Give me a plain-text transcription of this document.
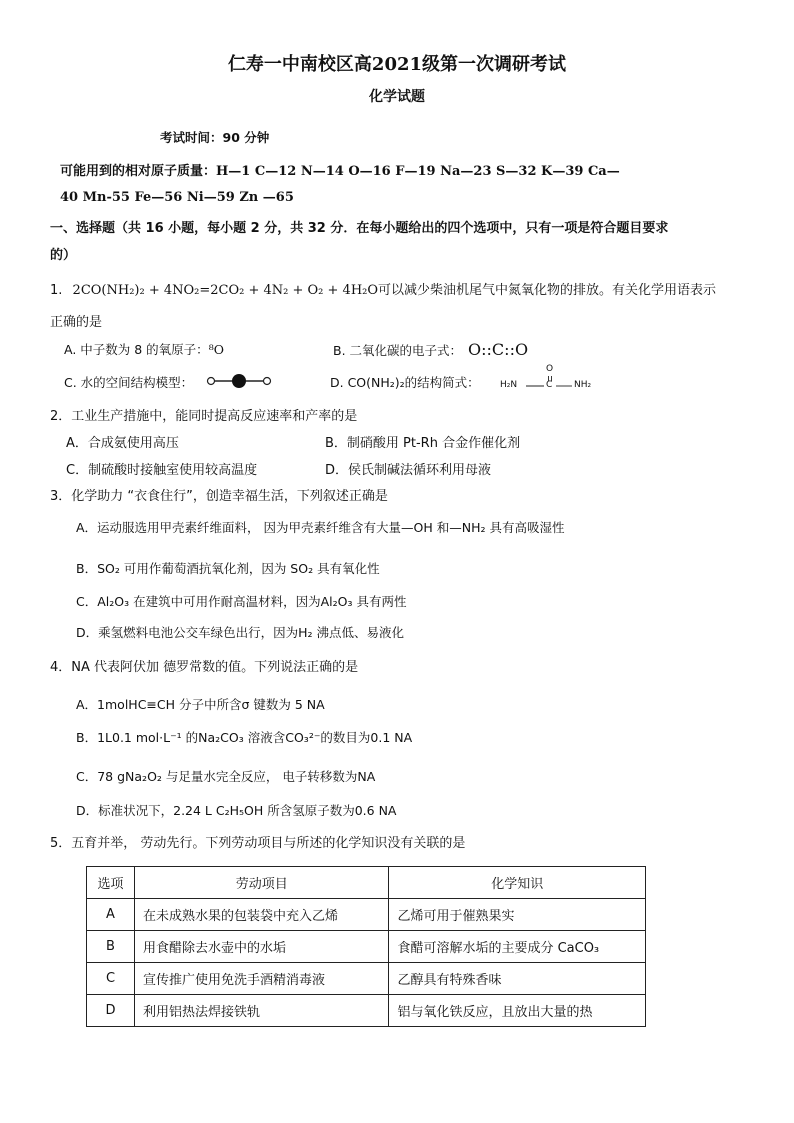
仁寿一中南校区高2021级第一次调研考试
化学试题
考试时间：90 分钟
可能用到的相对原子质量：H—1 C—12 N—14 O—16 F—19 Na—23 S—32 K—39 Ca—
40 Mn-55 Fe—56 Ni—59 Zn —65
一、选择题（共 16 小题，每小题 2 分，共 32 分．在每小题给出的四个选项中，只有一项是符合题目要求
的）
1. 2CO(NH₂)₂ + 4NO₂=2CO₂ + 4N₂ + O₂ + 4H₂O可以减少柴油机尾气中氮氧化物的排放。有关化学用语表示
正确的是
A. 中子数为 8 的氧原子：⁸O	B. 二氧化碳的电子式： O::C::O
C. 水的空间结构模型：	D. CO(NH₂)₂的结构简式： H₂N	C
O
NH₂
2．工业生产措施中，能同时提高反应速率和产率的是
A．合成氨使用高压	B．制硝酸用 Pt-Rh 合金作催化剂
C．制硫酸时接触室使用较高温度	D．侯氏制碱法循环利用母液
3．化学助力 “衣食住行”，创造幸福生活，下列叙述正确是
A．运动服选用甲壳素纤维面料， 因为甲壳素纤维含有大量—OH 和—NH₂ 具有高吸湿性
B．SO₂ 可用作葡萄酒抗氧化剂，因为 SO₂ 具有氧化性
C．Al₂O₃ 在建筑中可用作耐高温材料，因为Al₂O₃ 具有两性
D．乘氢燃料电池公交车绿色出行，因为H₂ 沸点低、易液化
4．NA 代表阿伏加 德罗常数的值。下列说法正确的是
A．1molHC≡CH 分子中所含σ 键数为 5 NA
B．1L0.1 mol·L⁻¹ 的Na₂CO₃ 溶液含CO₃²⁻的数目为0.1 NA
C．78 gNa₂O₂ 与足量水完全反应， 电子转移数为NA
D．标准状况下，2.24 L C₂H₅OH 所含氢原子数为0.6 NA
5．五育并举， 劳动先行。下列劳动项目与所述的化学知识没有关联的是
选项	劳动项目	化学知识
A	在未成熟水果的包装袋中充入乙烯	乙烯可用于催熟果实
B	用食醋除去水壶中的水垢	食醋可溶解水垢的主要成分 CaCO₃
C	宣传推广使用免洗手酒精消毒液	乙醇具有特殊香味
D	利用铝热法焊接铁轨	铝与氧化铁反应，且放出大量的热
